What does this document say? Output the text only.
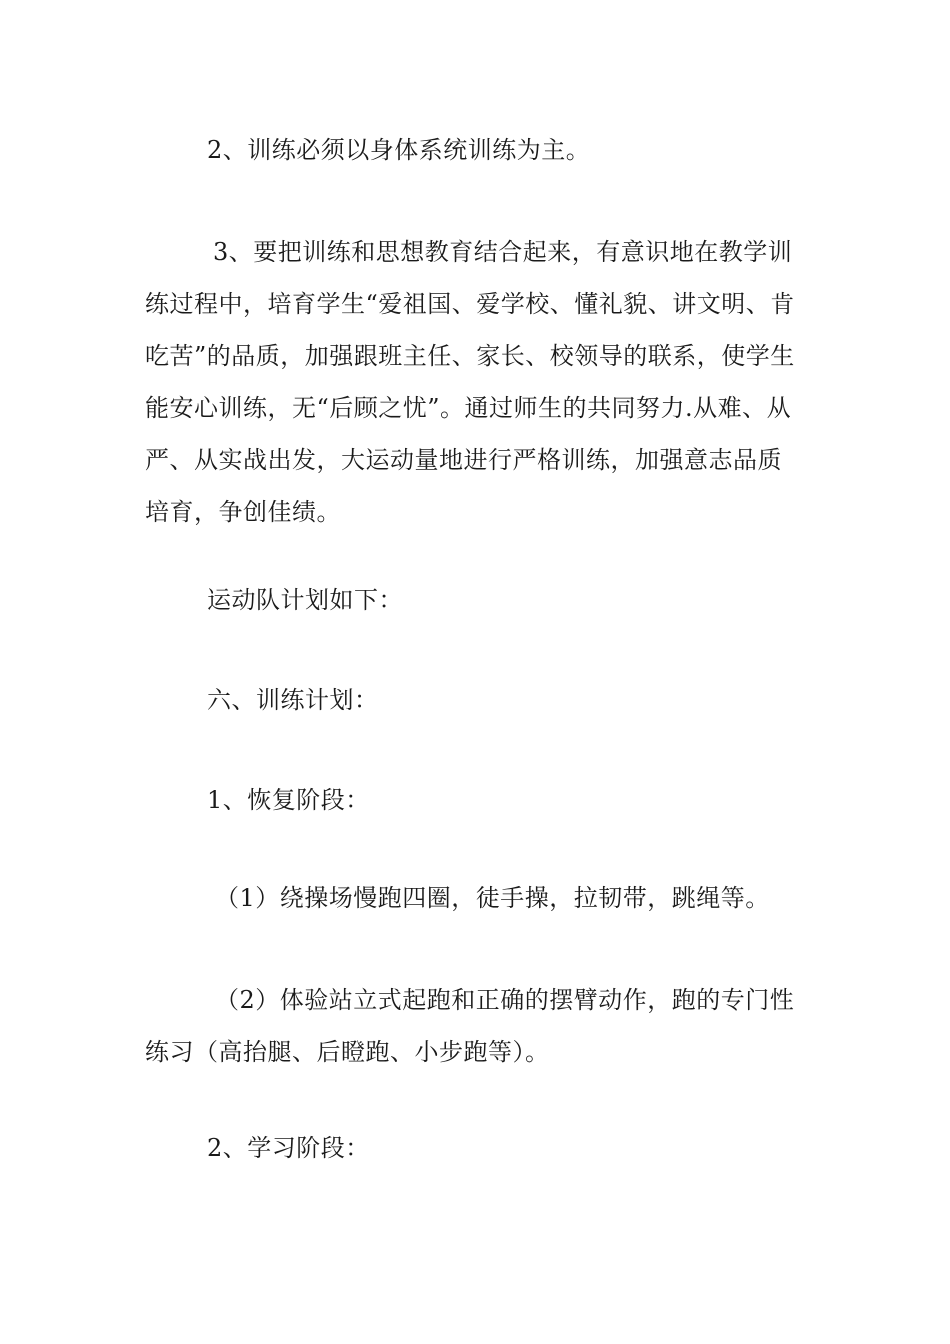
2、训练必须以身体系统训练为主。

3、要把训练和思想教育结合起来，有意识地在教学训练过程中，培育学生“爱祖国、爱学校、懂礼貌、讲文明、肯吃苦”的品质，加强跟班主任、家长、校领导的联系，使学生能安心训练，无“后顾之忧”。通过师生的共同努力.从难、从严、从实战出发，大运动量地进行严格训练，加强意志品质培育，争创佳绩。

运动队计划如下：

六、训练计划：

1、恢复阶段：

（1）绕操场慢跑四圈，徒手操，拉韧带，跳绳等。

（2）体验站立式起跑和正确的摆臂动作，跑的专门性练习（高抬腿、后瞪跑、小步跑等）。

2、学习阶段：
